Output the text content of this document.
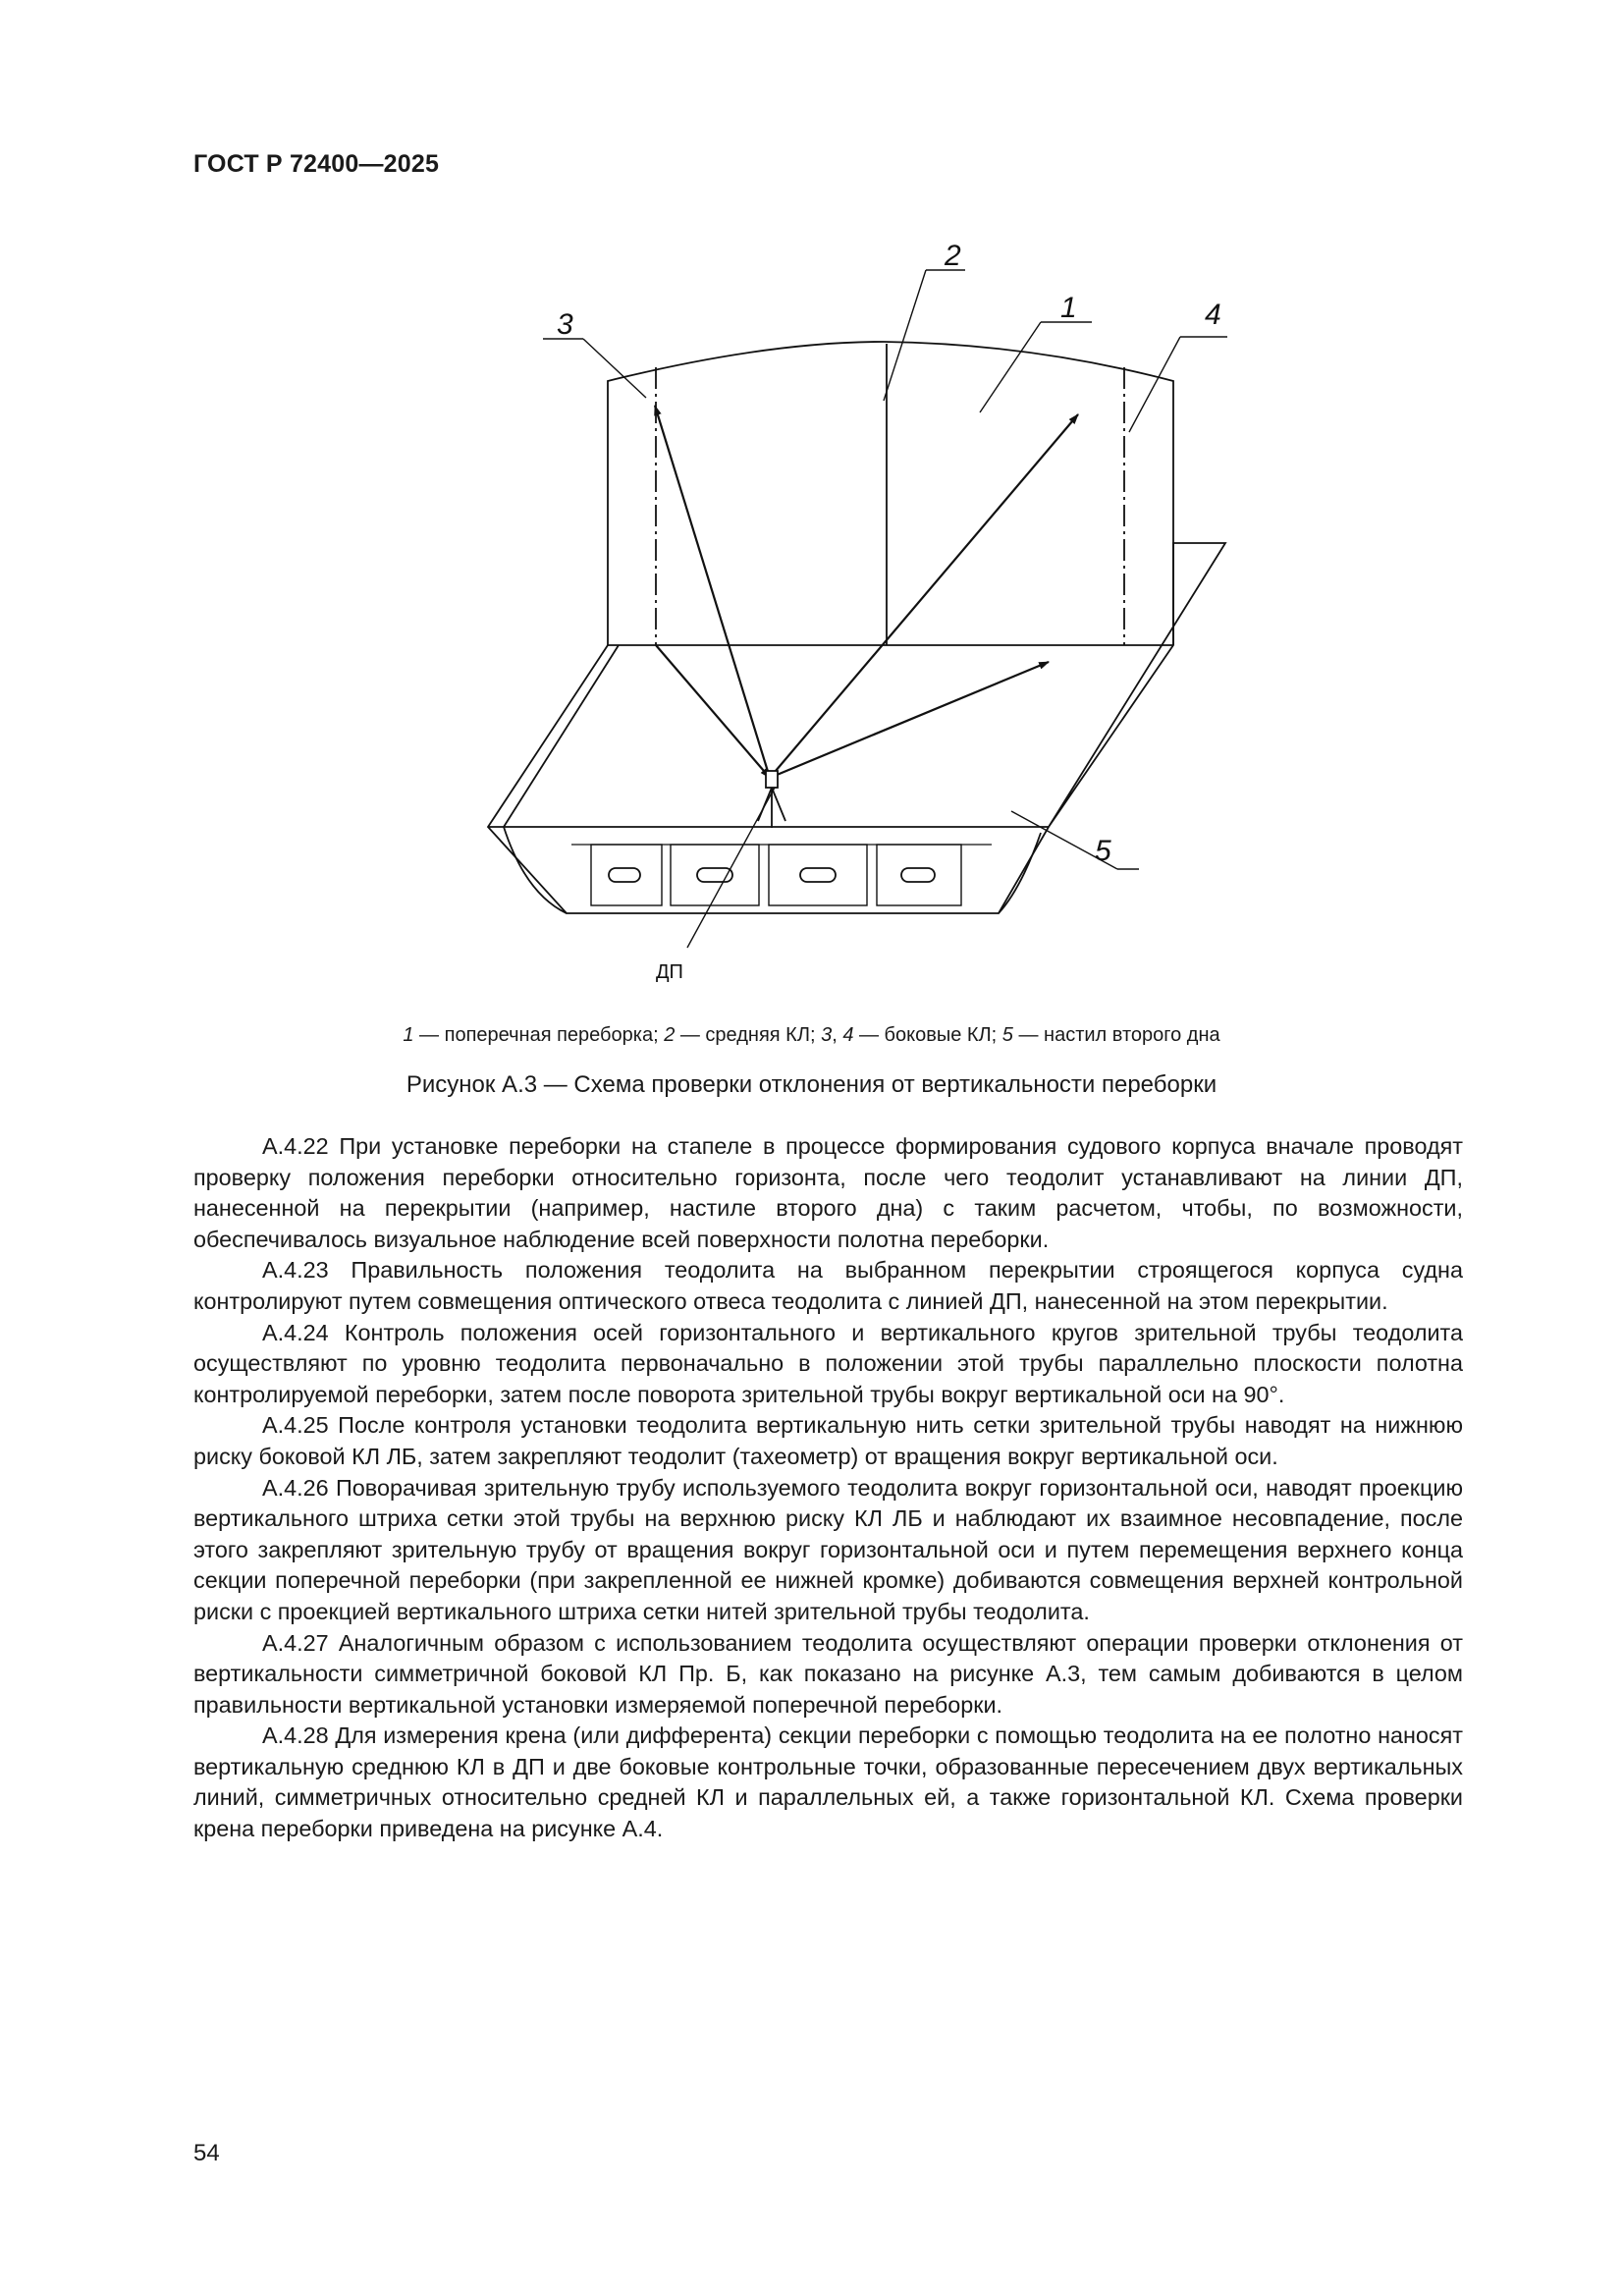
ГОСТ Р 72400—2025
2
3
1	4
5
ДП
1 — поперечная переборка; 2 — средняя КЛ; 3, 4 — боковые КЛ; 5 — настил второго дна
Рисунок А.3 — Схема проверки отклонения от вертикальности переборки

А.4.22 При установке переборки на стапеле в процессе формирования судового корпуса вначале проводят проверку положения переборки относительно горизонта, после чего теодолит устанавливают на линии ДП, нанесенной на перекрытии (например, настиле второго дна) с таким расчетом, чтобы, по возможности, обеспечивалось визуальное наблюдение всей поверхности полотна переборки.

А.4.23 Правильность положения теодолита на выбранном перекрытии строящегося корпуса судна контролируют путем совмещения оптического отвеса теодолита с линией ДП, нанесенной на этом перекрытии.

А.4.24 Контроль положения осей горизонтального и вертикального кругов зрительной трубы теодолита осуществляют по уровню теодолита первоначально в положении этой трубы параллельно плоскости полотна контролируемой переборки, затем после поворота зрительной трубы вокруг вертикальной оси на 90°.

А.4.25 После контроля установки теодолита вертикальную нить сетки зрительной трубы наводят на нижнюю риску боковой КЛ ЛБ, затем закрепляют теодолит (тахеометр) от вращения вокруг вертикальной оси.

А.4.26 Поворачивая зрительную трубу используемого теодолита вокруг горизонтальной оси, наводят проекцию вертикального штриха сетки этой трубы на верхнюю риску КЛ ЛБ и наблюдают их взаимное несовпадение, после этого закрепляют зрительную трубу от вращения вокруг горизонтальной оси и путем перемещения верхнего конца секции поперечной переборки (при закрепленной ее нижней кромке) добиваются совмещения верхней контрольной риски с проекцией вертикального штриха сетки нитей зрительной трубы теодолита.

А.4.27 Аналогичным образом с использованием теодолита осуществляют операции проверки отклонения от вертикальности симметричной боковой КЛ Пр. Б, как показано на рисунке А.3, тем самым добиваются в целом правильности вертикальной установки измеряемой поперечной переборки.

А.4.28 Для измерения крена (или дифферента) секции переборки с помощью теодолита на ее полотно наносят вертикальную среднюю КЛ в ДП и две боковые контрольные точки, образованные пересечением двух вертикальных линий, симметричных относительно средней КЛ и параллельных ей, а также горизонтальной КЛ. Схема проверки крена переборки приведена на рисунке А.4.

54
